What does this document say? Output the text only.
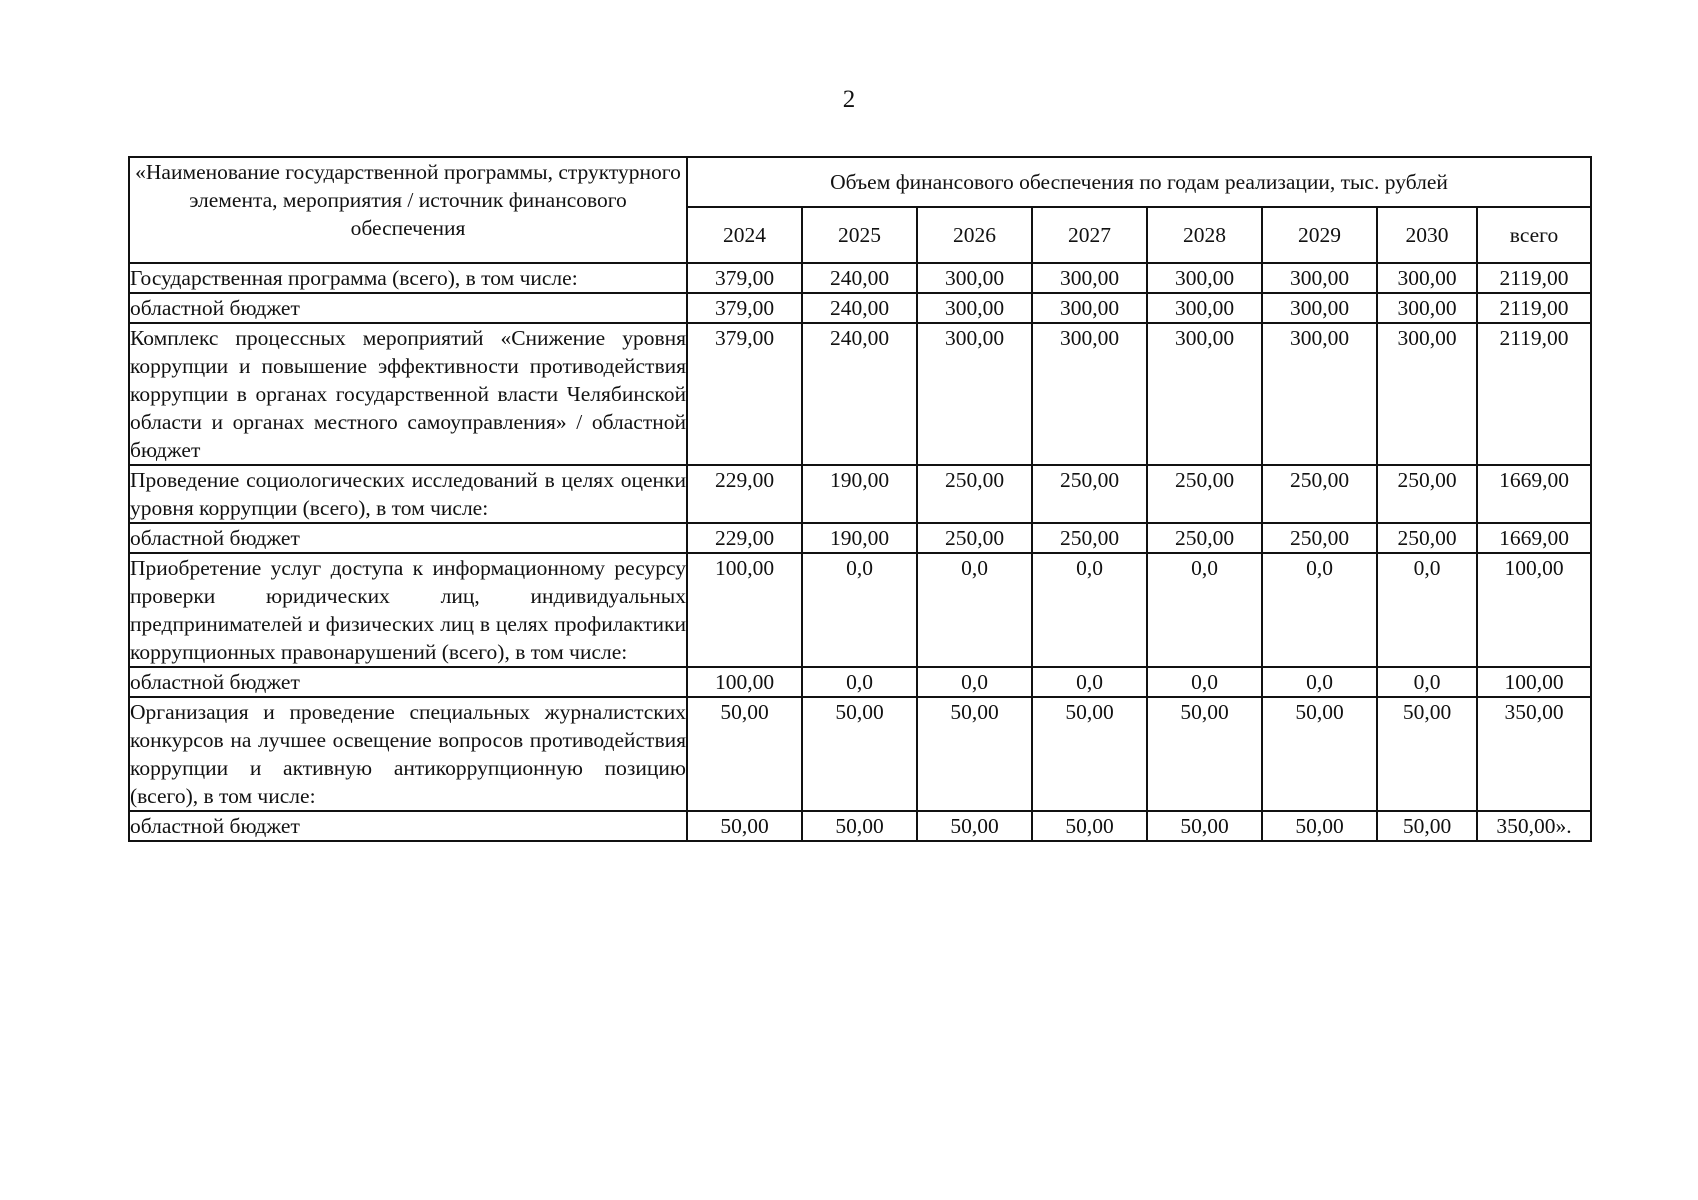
2
«Наименование государственной программы, структурного элемента, мероприятия / источник финансового обеспечения	Объем финансового обеспечения по годам реализации, тыс. рублей							
	2024	2025	2026	2027	2028	2029	2030	всего
Государственная программа (всего), в том числе:	379,00	240,00	300,00	300,00	300,00	300,00	300,00	2119,00
областной бюджет	379,00	240,00	300,00	300,00	300,00	300,00	300,00	2119,00
Комплекс процессных мероприятий «Снижение уровня коррупции и повышение эффективности противодействия коррупции в органах государственной власти Челябинской области и органах местного самоуправления» / областной бюджет	379,00	240,00	300,00	300,00	300,00	300,00	300,00	2119,00
Проведение социологических исследований в целях оценки уровня коррупции (всего), в том числе:	229,00	190,00	250,00	250,00	250,00	250,00	250,00	1669,00
областной бюджет	229,00	190,00	250,00	250,00	250,00	250,00	250,00	1669,00
Приобретение услуг доступа к информационному ресурсу проверки юридических лиц, индивидуальных предпринимателей и физических лиц в целях профилактики коррупционных правонарушений (всего), в том числе:	100,00	0,0	0,0	0,0	0,0	0,0	0,0	100,00
областной бюджет	100,00	0,0	0,0	0,0	0,0	0,0	0,0	100,00
Организация и проведение специальных журналистских конкурсов на лучшее освещение вопросов противодействия коррупции и активную антикоррупционную позицию (всего), в том числе:	50,00	50,00	50,00	50,00	50,00	50,00	50,00	350,00
областной бюджет	50,00	50,00	50,00	50,00	50,00	50,00	50,00	350,00».
